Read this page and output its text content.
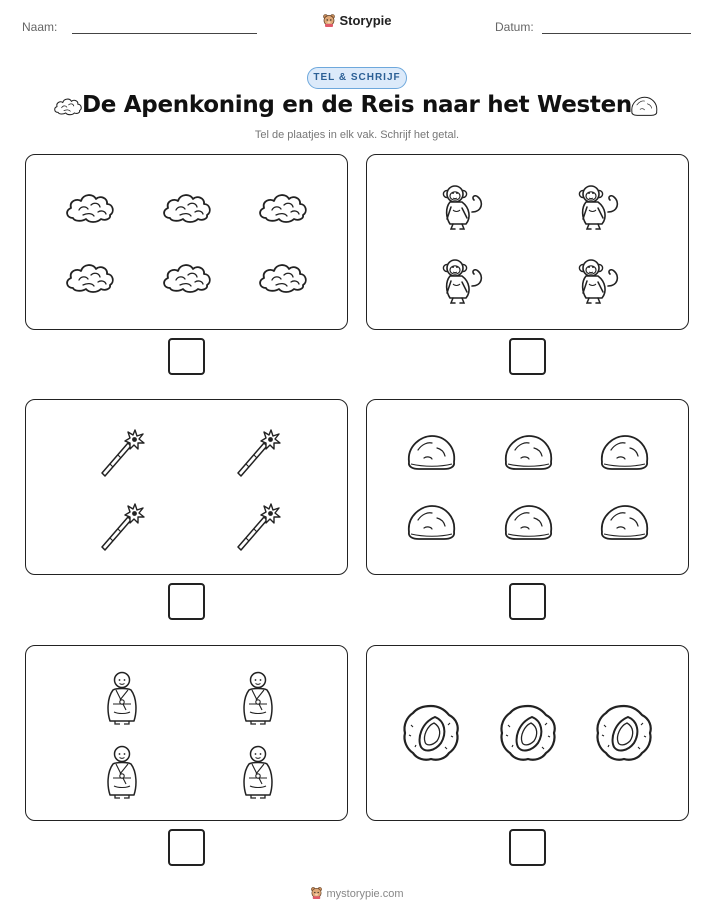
Naam:	Datum:
Storypie
TEL & SCHRIJF
De Apenkoning en de Reis naar het Westen
Tel de plaatjes in elk vak. Schrijf het getal.
mystorypie.com
